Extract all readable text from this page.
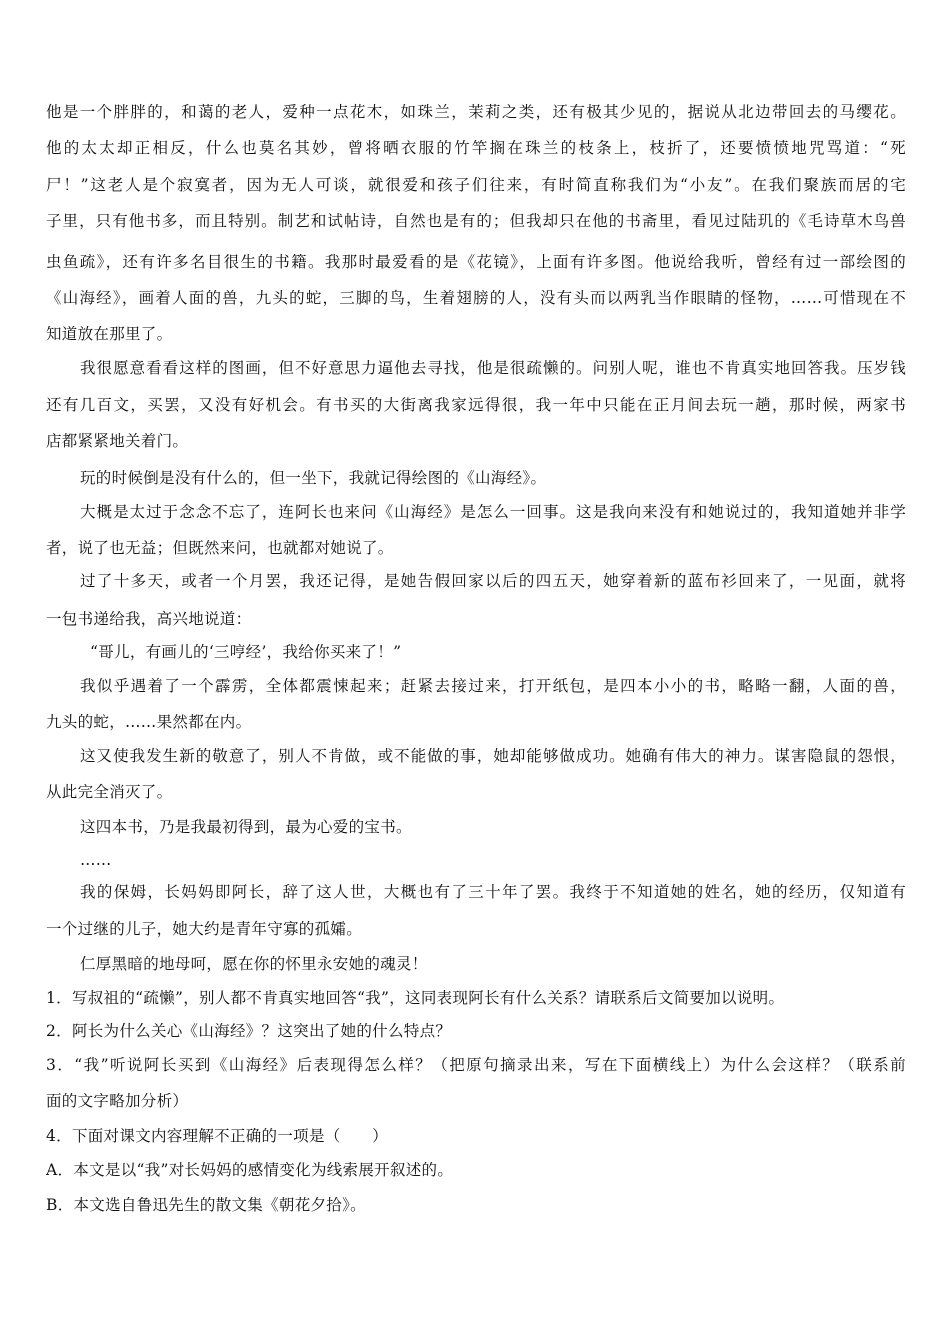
他是一个胖胖的，和蔼的老人，爱种一点花木，如珠兰，茉莉之类，还有极其少见的，据说从北边带回去的马缨花。
他的太太却正相反，什么也莫名其妙，曾将晒衣服的竹竿搁在珠兰的枝条上，枝折了，还要愤愤地咒骂道：“死
尸！”这老人是个寂寞者，因为无人可谈，就很爱和孩子们往来，有时简直称我们为“小友”。在我们聚族而居的宅
子里，只有他书多，而且特别。制艺和试帖诗，自然也是有的；但我却只在他的书斋里，看见过陆玑的《毛诗草木鸟兽
虫鱼疏》，还有许多名目很生的书籍。我那时最爱看的是《花镜》，上面有许多图。他说给我听，曾经有过一部绘图的
《山海经》，画着人面的兽，九头的蛇，三脚的鸟，生着翅膀的人，没有头而以两乳当作眼睛的怪物，……可惜现在不
知道放在那里了。
我很愿意看看这样的图画，但不好意思力逼他去寻找，他是很疏懒的。问别人呢，谁也不肯真实地回答我。压岁钱
还有几百文，买罢，又没有好机会。有书买的大街离我家远得很，我一年中只能在正月间去玩一趟，那时候，两家书
店都紧紧地关着门。
玩的时候倒是没有什么的，但一坐下，我就记得绘图的《山海经》。
大概是太过于念念不忘了，连阿长也来问《山海经》是怎么一回事。这是我向来没有和她说过的，我知道她并非学
者，说了也无益；但既然来问，也就都对她说了。
过了十多天，或者一个月罢，我还记得，是她告假回家以后的四五天，她穿着新的蓝布衫回来了，一见面，就将
一包书递给我，高兴地说道：
“哥儿，有画儿的‘三哼经’，我给你买来了！”
我似乎遇着了一个霹雳，全体都震悚起来；赶紧去接过来，打开纸包，是四本小小的书，略略一翻，人面的兽，
九头的蛇，……果然都在内。
这又使我发生新的敬意了，别人不肯做，或不能做的事，她却能够做成功。她确有伟大的神力。谋害隐鼠的怨恨，
从此完全消灭了。
这四本书，乃是我最初得到，最为心爱的宝书。
……
我的保姆，长妈妈即阿长，辞了这人世，大概也有了三十年了罢。我终于不知道她的姓名，她的经历，仅知道有
一个过继的儿子，她大约是青年守寡的孤孀。
仁厚黑暗的地母呵，愿在你的怀里永安她的魂灵！
1．写叔祖的“疏懒”，别人都不肯真实地回答“我”，这同表现阿长有什么关系？请联系后文简要加以说明。
2．阿长为什么关心《山海经》？这突出了她的什么特点？
3．“我”听说阿长买到《山海经》后表现得怎么样？（把原句摘录出来，写在下面横线上）为什么会这样？（联系前
面的文字略加分析）
4．下面对课文内容理解不正确的一项是（　　）
A．本文是以“我”对长妈妈的感情变化为线索展开叙述的。
B．本文选自鲁迅先生的散文集《朝花夕拾》。
